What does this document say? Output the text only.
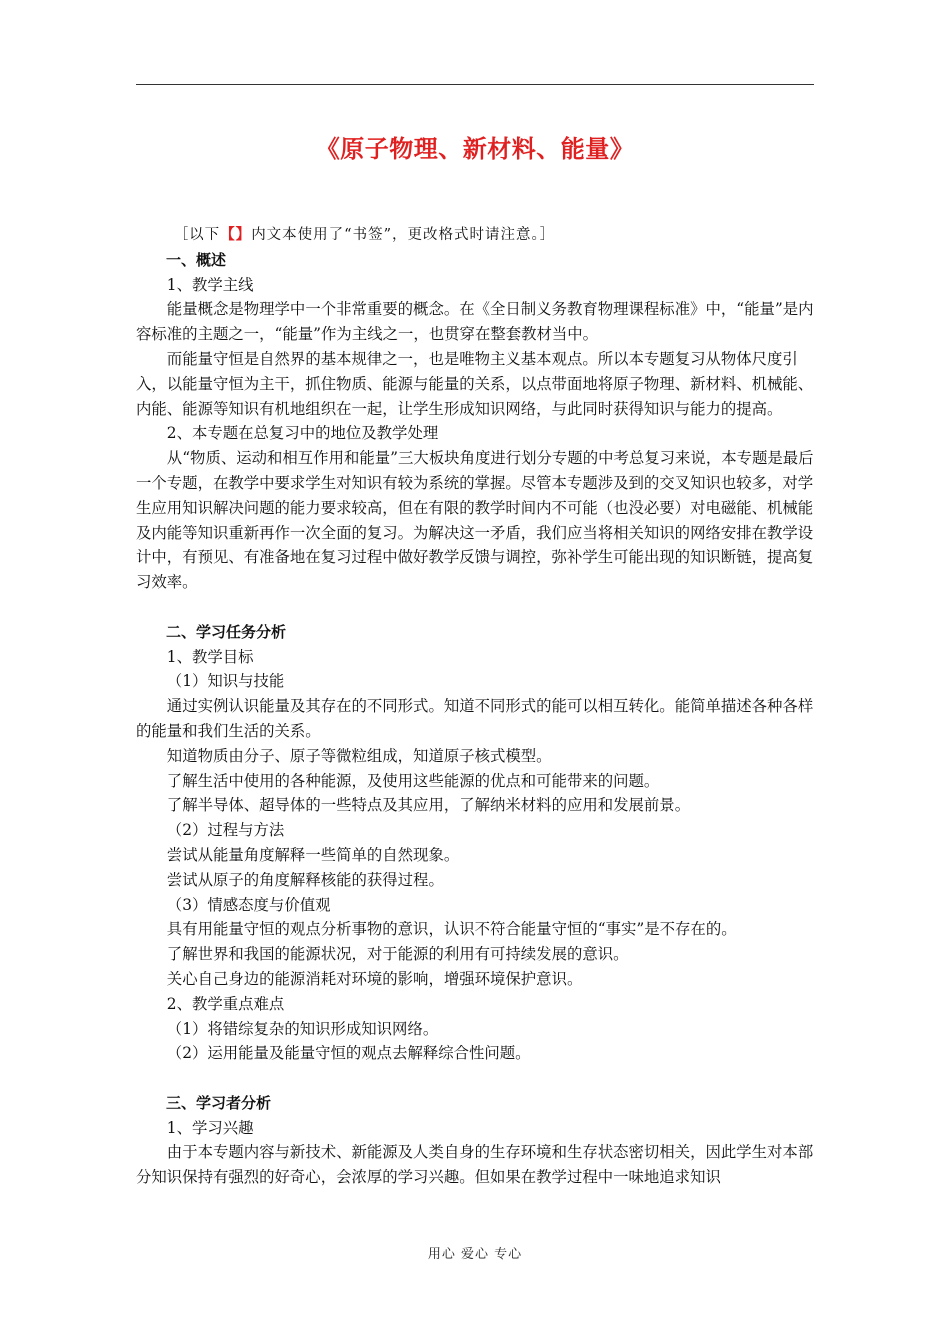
《原子物理、新材料、能量》

［以下【】内文本使用了“书签”，更改格式时请注意。］

一、概述

1、教学主线

能量概念是物理学中一个非常重要的概念。在《全日制义务教育物理课程标准》中，“能量”是内容标准的主题之一，“能量”作为主线之一，也贯穿在整套教材当中。

而能量守恒是自然界的基本规律之一，也是唯物主义基本观点。所以本专题复习从物体尺度引入，以能量守恒为主干，抓住物质、能源与能量的关系，以点带面地将原子物理、新材料、机械能、内能、能源等知识有机地组织在一起，让学生形成知识网络，与此同时获得知识与能力的提高。

2、本专题在总复习中的地位及教学处理

从“物质、运动和相互作用和能量”三大板块角度进行划分专题的中考总复习来说，本专题是最后一个专题，在教学中要求学生对知识有较为系统的掌握。尽管本专题涉及到的交叉知识也较多，对学生应用知识解决问题的能力要求较高，但在有限的教学时间内不可能（也没必要）对电磁能、机械能及内能等知识重新再作一次全面的复习。为解决这一矛盾，我们应当将相关知识的网络安排在教学设计中，有预见、有准备地在复习过程中做好教学反馈与调控，弥补学生可能出现的知识断链，提高复习效率。

二、学习任务分析

1、教学目标

（1）知识与技能

通过实例认识能量及其存在的不同形式。知道不同形式的能可以相互转化。能简单描述各种各样的能量和我们生活的关系。

知道物质由分子、原子等微粒组成，知道原子核式模型。

了解生活中使用的各种能源，及使用这些能源的优点和可能带来的问题。

了解半导体、超导体的一些特点及其应用，了解纳米材料的应用和发展前景。

（2）过程与方法

尝试从能量角度解释一些简单的自然现象。

尝试从原子的角度解释核能的获得过程。

（3）情感态度与价值观

具有用能量守恒的观点分析事物的意识，认识不符合能量守恒的“事实”是不存在的。

了解世界和我国的能源状况，对于能源的利用有可持续发展的意识。

关心自己身边的能源消耗对环境的影响，增强环境保护意识。

2、教学重点难点

（1）将错综复杂的知识形成知识网络。

（2）运用能量及能量守恒的观点去解释综合性问题。

三、学习者分析

1、学习兴趣

由于本专题内容与新技术、新能源及人类自身的生存环境和生存状态密切相关，因此学生对本部分知识保持有强烈的好奇心，会浓厚的学习兴趣。但如果在教学过程中一味地追求知识

用心 爱心 专心
